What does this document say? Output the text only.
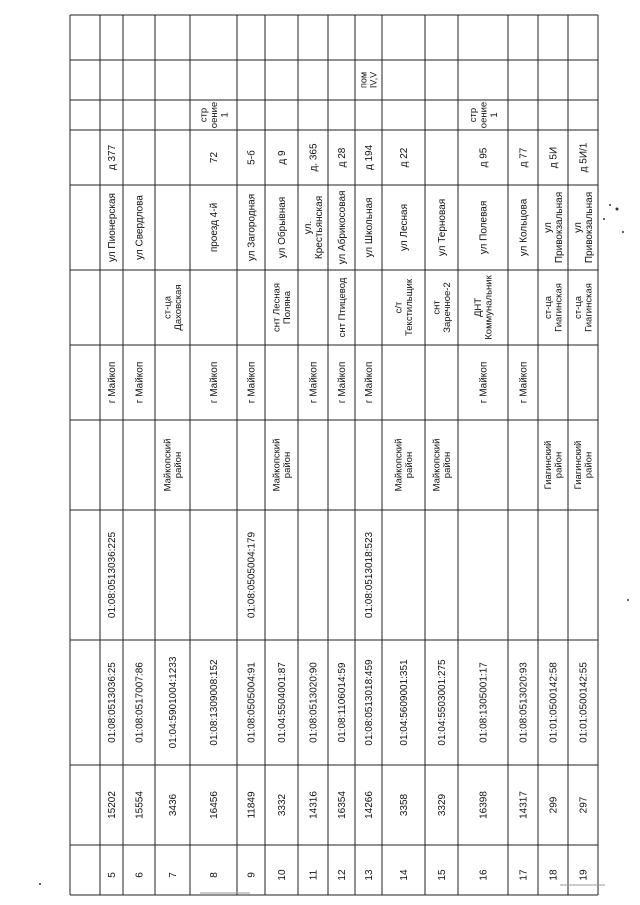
5
15202
01:08:0513036:25
01:08:0513036:225
г Майкоп
ул Пионерская
д 377
6
15554
01:08:0517007:86
г Майкоп
ул Свердлова
7
3436
01:04:5901004:1233
Майкопскийрайон
ст-цаДаховская
8
16456
01:08:1309008:152
г Майкоп
проезд 4-й
72
строение1
9
11849
01:08:0505004:91
01:08:0505004:179
г Майкоп
ул Загородная
5-б
10
3332
01:04:5504001:87
Майкопскийрайон
снт ЛеснаяПоляна
ул Обрывная
д 9
11
14316
01:08:0513020:90
г Майкоп
ул.Крестьянская
д. 365
12
16354
01:08:1106014:59
г Майкоп
снт Птицевод
ул Абрикосовая
д 28
13
14266
01:08:0513018:459
01:08:0513018:523
г Майкоп
ул Школьная
д 194
помIV,V
14
3358
01:04:5609001:351
Майкопскийрайон
с/тТекстильщик
ул Лесная
д 22
15
3329
01:04:5503001:275
Майкопскийрайон
снтЗаречное-2
ул Терновая
16
16398
01:08:1305001:17
г Майкоп
ДНТКоммунальник
ул Полевая
д 95
строение1
17
14317
01:08:0513020:93
г Майкоп
ул Кольцова
д 77
18
299
01:01:0500142:58
Гиагинскийрайон
ст-цаГиагинская
улПривокзальная
д 5И
19
297
01:01:0500142:55
Гиагинскийрайон
ст-цаГиагинская
улПривокзальная
д 5И/1
